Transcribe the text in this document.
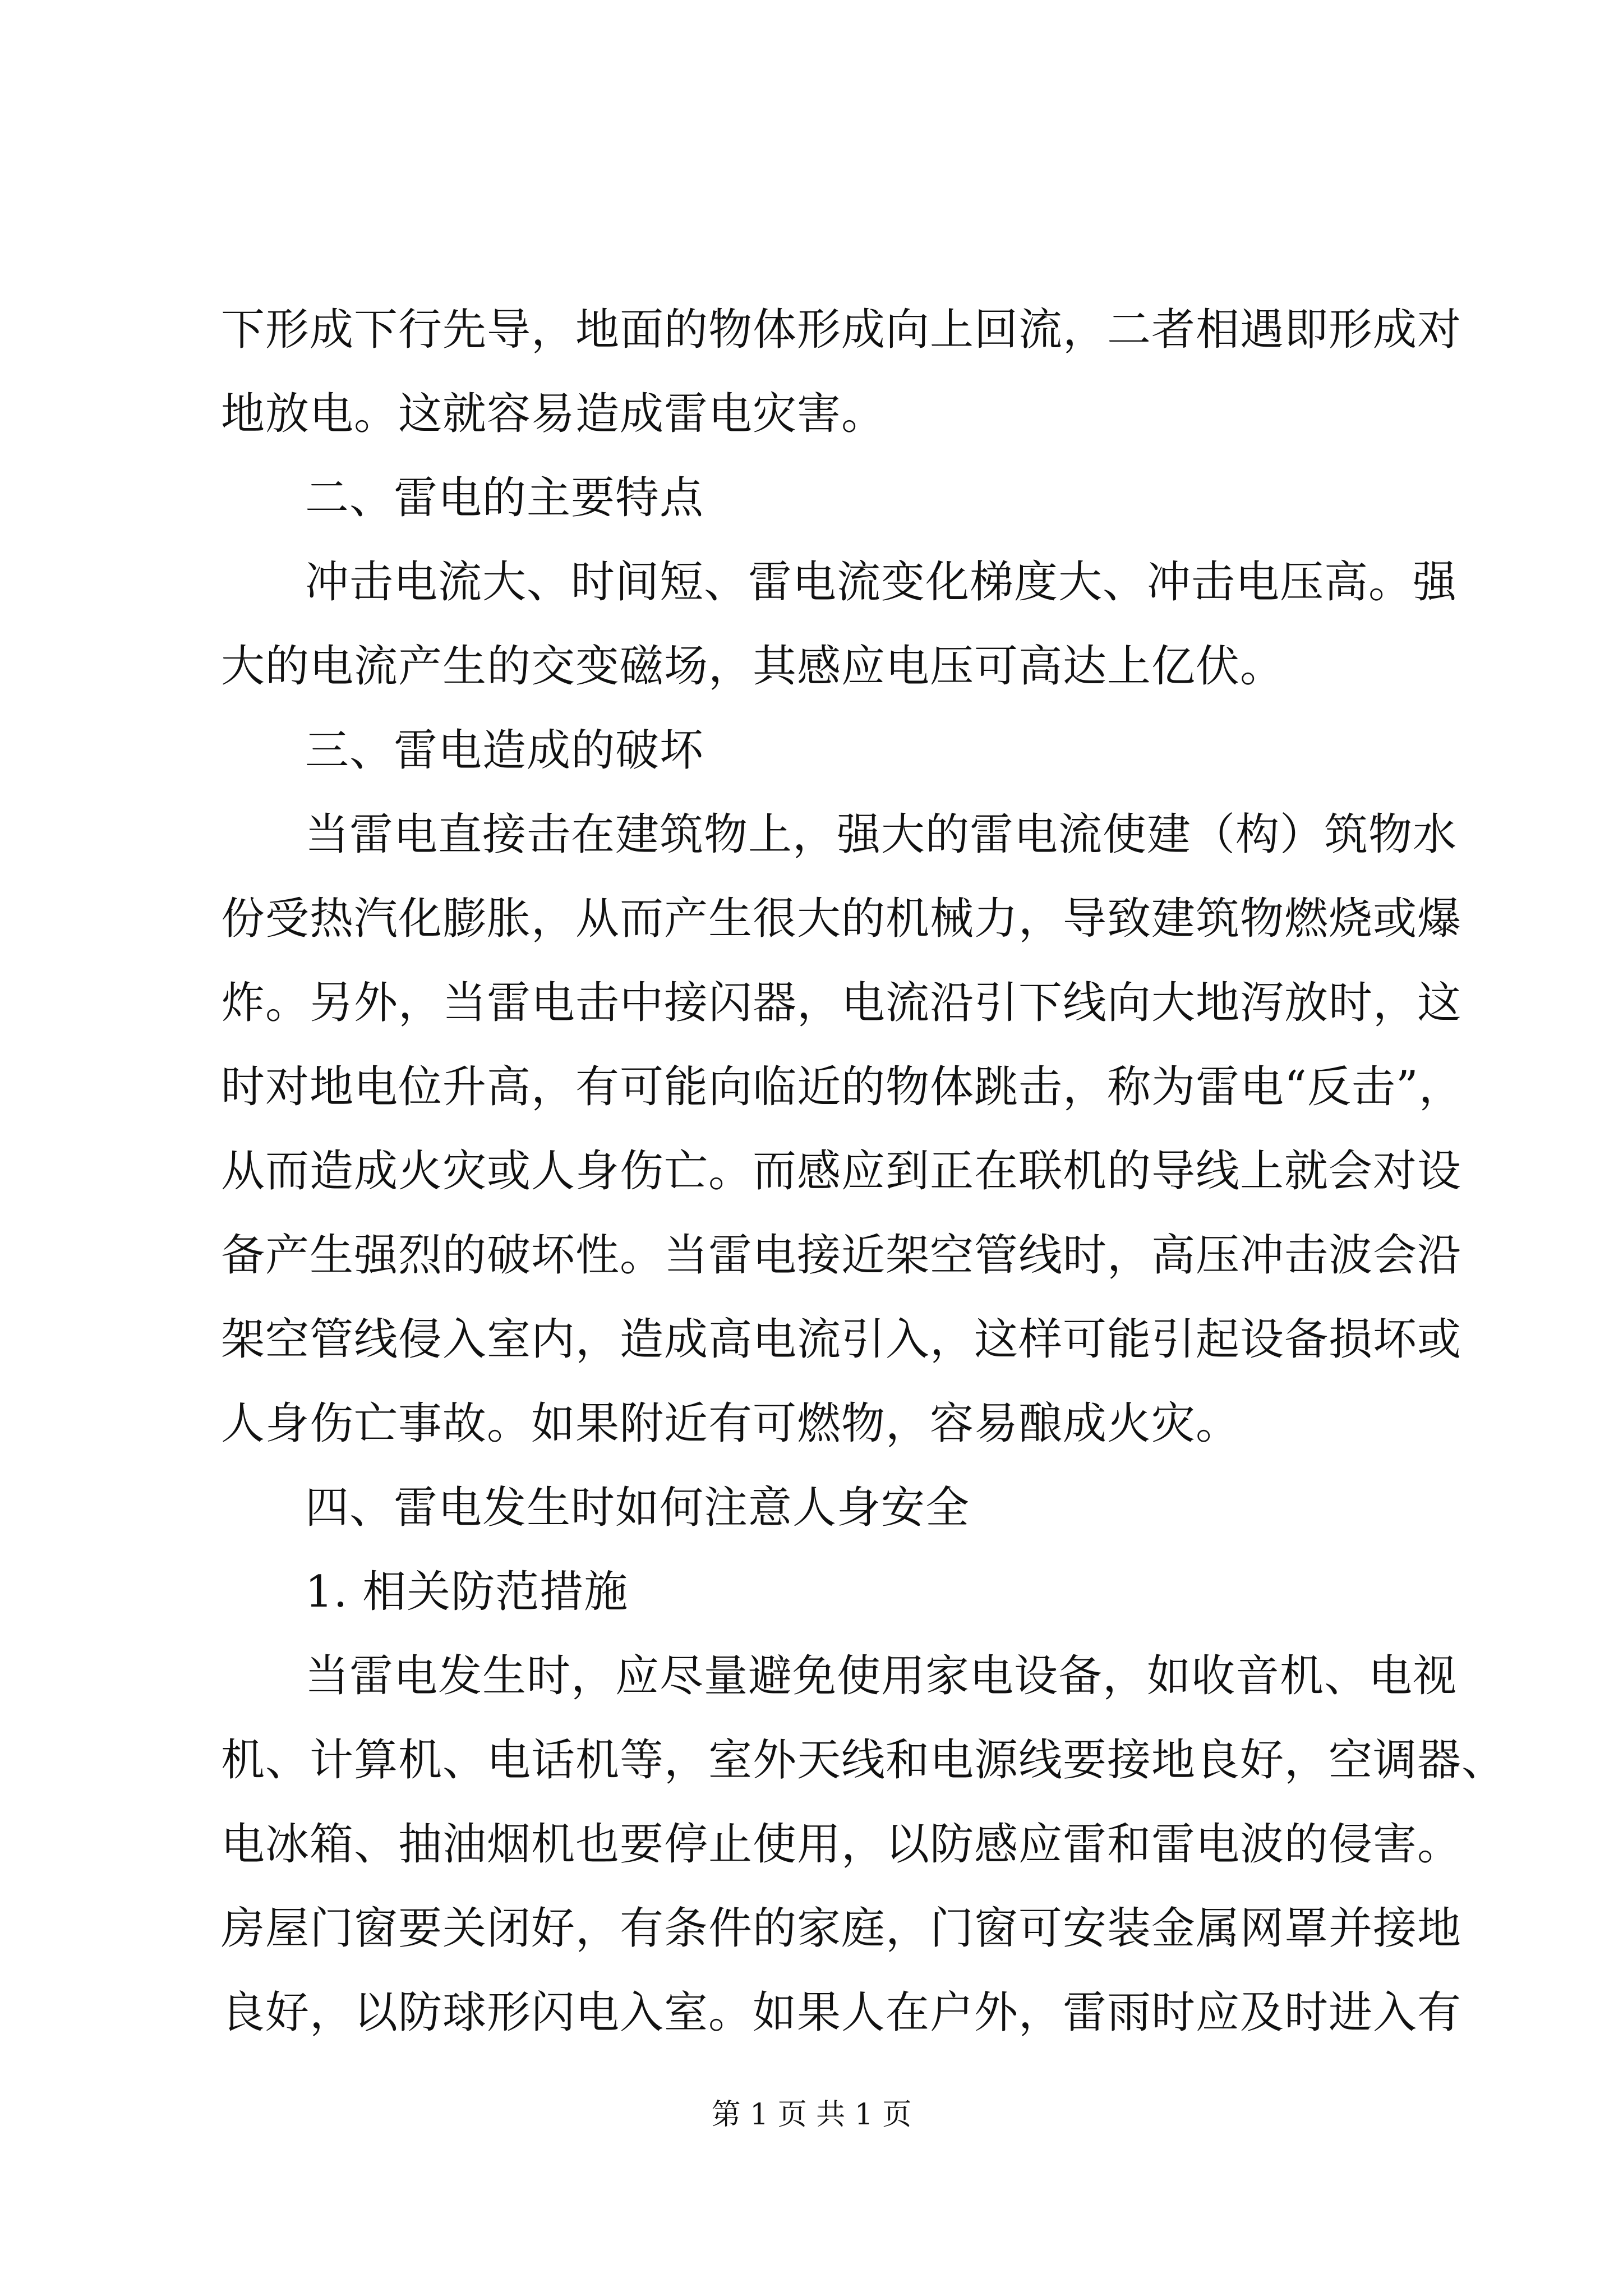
下形成下行先导，地面的物体形成向上回流，二者相遇即形成对
地放电。这就容易造成雷电灾害。
二、雷电的主要特点
冲击电流大、时间短、雷电流变化梯度大、冲击电压高。强
大的电流产生的交变磁场，其感应电压可高达上亿伏。
三、雷电造成的破坏
当雷电直接击在建筑物上，强大的雷电流使建（构）筑物水
份受热汽化膨胀，从而产生很大的机械力，导致建筑物燃烧或爆
炸。另外，当雷电击中接闪器，电流沿引下线向大地泻放时，这
时对地电位升高，有可能向临近的物体跳击，称为雷电“反击”，
从而造成火灾或人身伤亡。而感应到正在联机的导线上就会对设
备产生强烈的破坏性。当雷电接近架空管线时，高压冲击波会沿
架空管线侵入室内，造成高电流引入，这样可能引起设备损坏或
人身伤亡事故。如果附近有可燃物，容易酿成火灾。
四、雷电发生时如何注意人身安全
1. 相关防范措施
当雷电发生时，应尽量避免使用家电设备，如收音机、电视
机、计算机、电话机等，室外天线和电源线要接地良好，空调器、
电冰箱、抽油烟机也要停止使用，以防感应雷和雷电波的侵害。
房屋门窗要关闭好，有条件的家庭，门窗可安装金属网罩并接地
良好，以防球形闪电入室。如果人在户外，雷雨时应及时进入有
第 1 页 共 1 页
